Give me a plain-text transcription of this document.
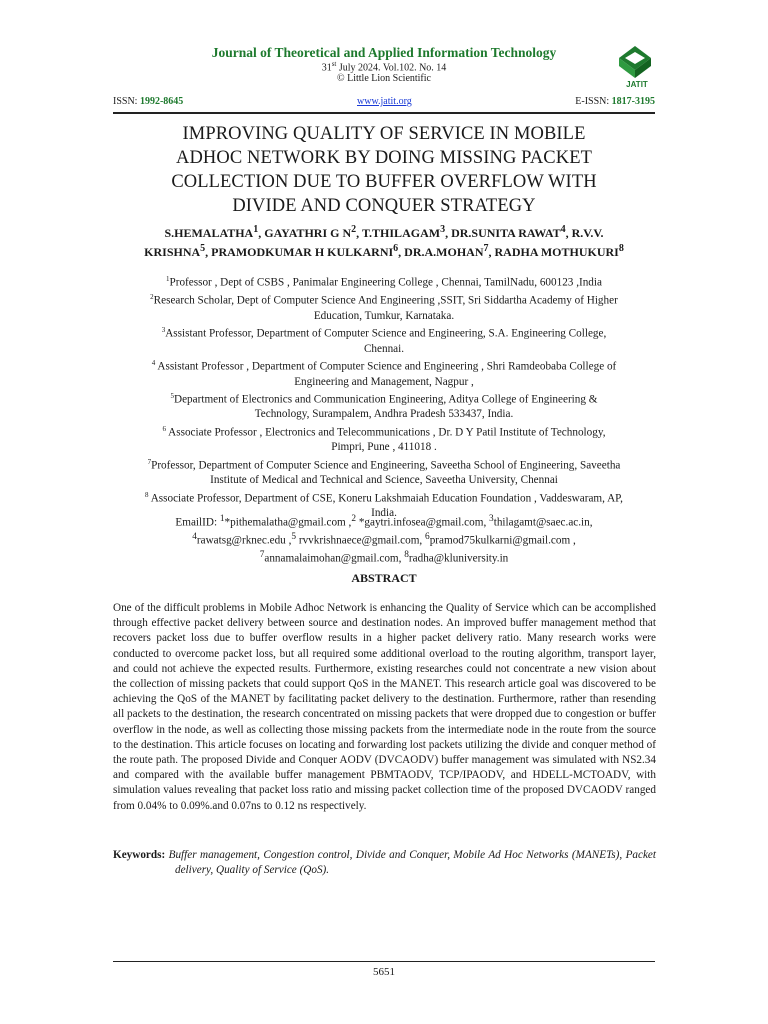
Journal of Theoretical and Applied Information Technology
31st July 2024. Vol.102. No. 14
© Little Lion Scientific
JATIT
ISSN: 1992-8645	www.jatit.org	E-ISSN: 1817-3195
IMPROVING QUALITY OF SERVICE IN MOBILE
ADHOC NETWORK BY DOING MISSING PACKET
COLLECTION DUE TO BUFFER OVERFLOW WITH
DIVIDE AND CONQUER STRATEGY
S.HEMALATHA$^1$, GAYATHRI G $N^2$, T.THILAGAM$^3$, DR.SUNITA RAWAT$^4$, R.V.V.
KRISHNA$^5$, PRAMODKUMAR H KULKARNI$^6$, DR.A.MOHAN$^7$, RADHA MOTHUKURI$^8$
$^1$Professor , Dept of CSBS , Panimalar Engineering College , Chennai, TamilNadu, 600123 ,India
$^2$Research Scholar, Dept of Computer Science And Engineering ,SSIT, Sri Siddartha Academy of Higher
Education, Tumkur, Karnataka.
$^3$Assistant Professor, Department of Computer Science and Engineering, S.A. Engineering College,
Chennai.
$^4$ Assistant Professor , Department of Computer Science and Engineering , Shri Ramdeobaba College of
Engineering and Management, Nagpur ,
$^5$Department of Electronics and Communication Engineering, Aditya College of Engineering &
Technology, Surampalem, Andhra Pradesh 533437, India.
$^6$ Associate Professor , Electronics and Telecommunications , Dr. D Y Patil Institute of Technology,
Pimpri, Pune , 411018 .
$^7$Professor, Department of Computer Science and Engineering, Saveetha School of Engineering, Saveetha
Institute of Medical and Technical and Science, Saveetha University, Chennai
$^8$ Associate Professor, Department of CSE, Koneru Lakshmaiah Education Foundation , Vaddeswaram, AP,
India.
EmailID: $^1$*pithemalatha@gmail.com ,$^2$ *gaytri.infosea@gmail.com, $^3$thilagamt@saec.ac.in,
$^4$rawatsg@rknec.edu ,$^5$ rvvkrishnaece@gmail.com, $^6$pramod75kulkarni@gmail.com ,
$^7$annamalaimohan@gmail.com, $^8$radha@kluniversity.in
ABSTRACT
One of the difficult problems in Mobile Adhoc Network is enhancing the Quality of Service which can be accomplished through effective packet delivery between source and destination nodes. An improved buffer management method that recovers packet loss due to buffer overflow results in a higher packet delivery ratio. Many research works were conducted to overcome packet loss, but all required some additional overload to the routing algorithm, transport layer, and could not achieve the expected results. Furthermore, existing researches could not concentrate a new vision about the collection of missing packets that could support QoS in the MANET. This research article goal was discovered to be achieving the QoS of the MANET by facilitating packet delivery to the destination. Furthermore, rather than resending all packets to the destination, the research concentrated on missing packets that were dropped due to congestion or buffer overflow in the node, as well as collecting those missing packets from the intermediate node in the route from the source to the destination. This article focuses on locating and forwarding lost packets utilizing the divide and conquer method of the route path. The proposed Divide and Conquer AODV (DVCAODV) buffer management was simulated with NS2.34 and compared with the available buffer management PBMTAODV, TCP/IPAODV, and HDELL-MCTOADV, with simulation values revealing that packet loss ratio and missing packet collection time of the proposed DVCAODV ranged from 0.04% to 0.09%.and 0.07ns to 0.12 ns respectively.
Keywords: Buffer management, Congestion control, Divide and Conquer, Mobile Ad Hoc Networks (MANETs), Packet delivery, Quality of Service (QoS).
5651
